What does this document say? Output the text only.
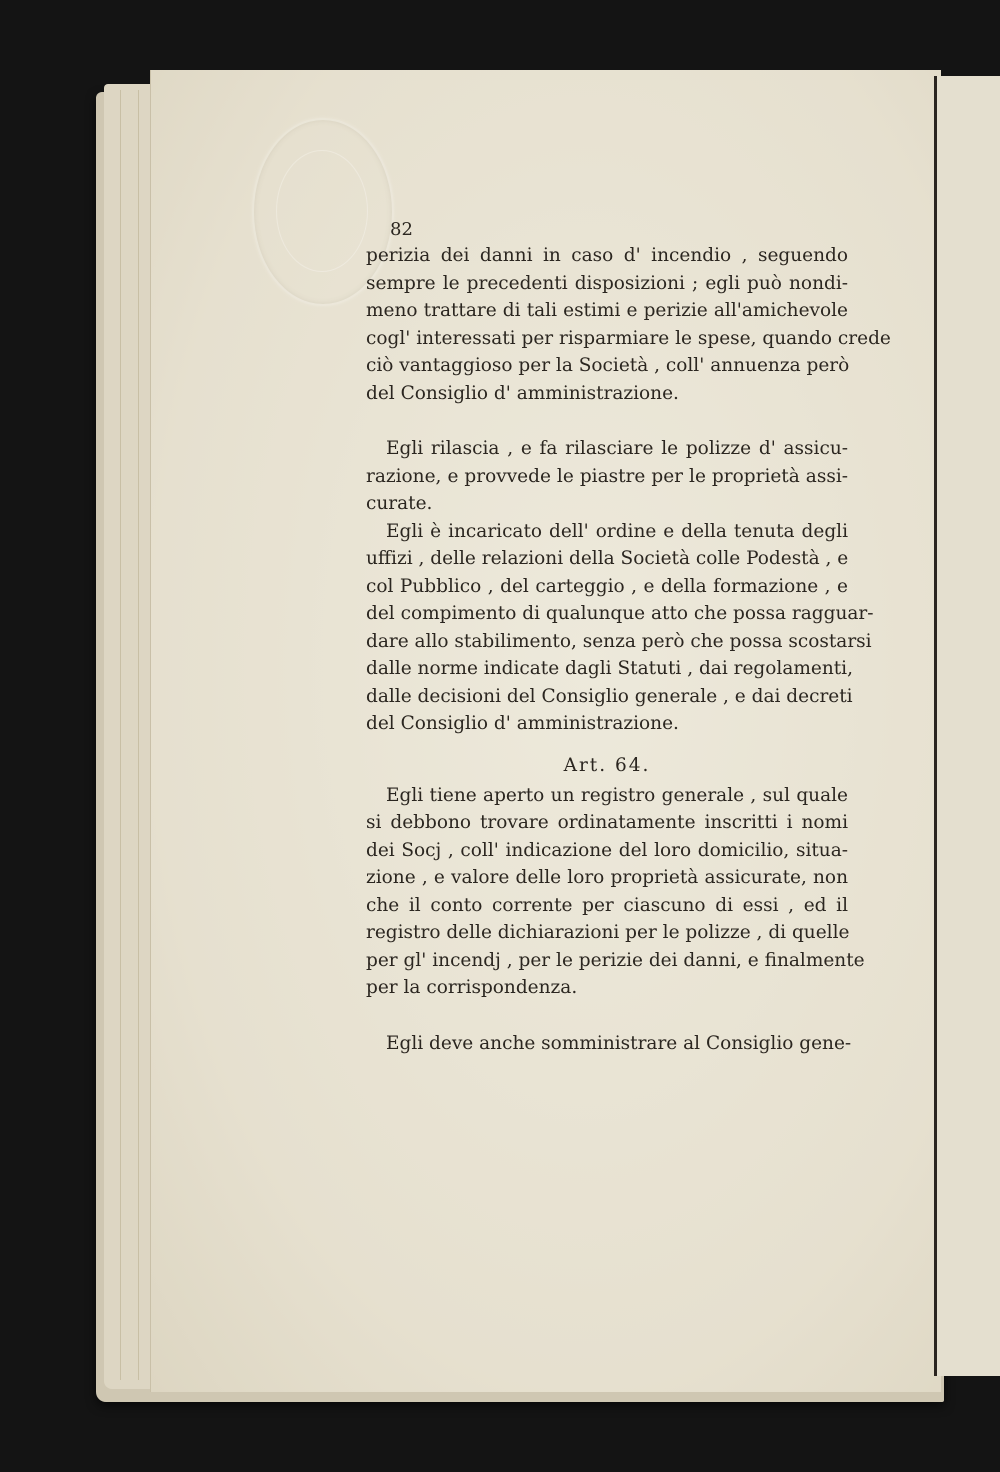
82
perizia dei danni in caso d' incendio , seguendo
sempre le precedenti disposizioni ; egli può nondi-
meno trattare di tali estimi e perizie all'amichevole
cogl' interessati per risparmiare le spese, quando crede
ciò vantaggioso per la Società , coll' annuenza però
del Consiglio d' amministrazione.
Egli rilascia , e fa rilasciare le polizze d' assicu-
razione, e provvede le piastre per le proprietà assi-
curate.
Egli è incaricato dell' ordine e della tenuta degli
uffizi , delle relazioni della Società colle Podestà , e
col Pubblico , del carteggio , e della formazione , e
del compimento di qualunque atto che possa ragguar-
dare allo stabilimento, senza però che possa scostarsi
dalle norme indicate dagli Statuti , dai regolamenti,
dalle decisioni del Consiglio generale , e dai decreti
del Consiglio d' amministrazione.
Art. 64.
Egli tiene aperto un registro generale , sul quale
si debbono trovare ordinatamente inscritti i nomi
dei Socj , coll' indicazione del loro domicilio, situa-
zione , e valore delle loro proprietà assicurate, non
che il conto corrente per ciascuno di essi , ed il
registro delle dichiarazioni per le polizze , di quelle
per gl' incendj , per le perizie dei danni, e finalmente
per la corrispondenza.
Egli deve anche somministrare al Consiglio gene-
